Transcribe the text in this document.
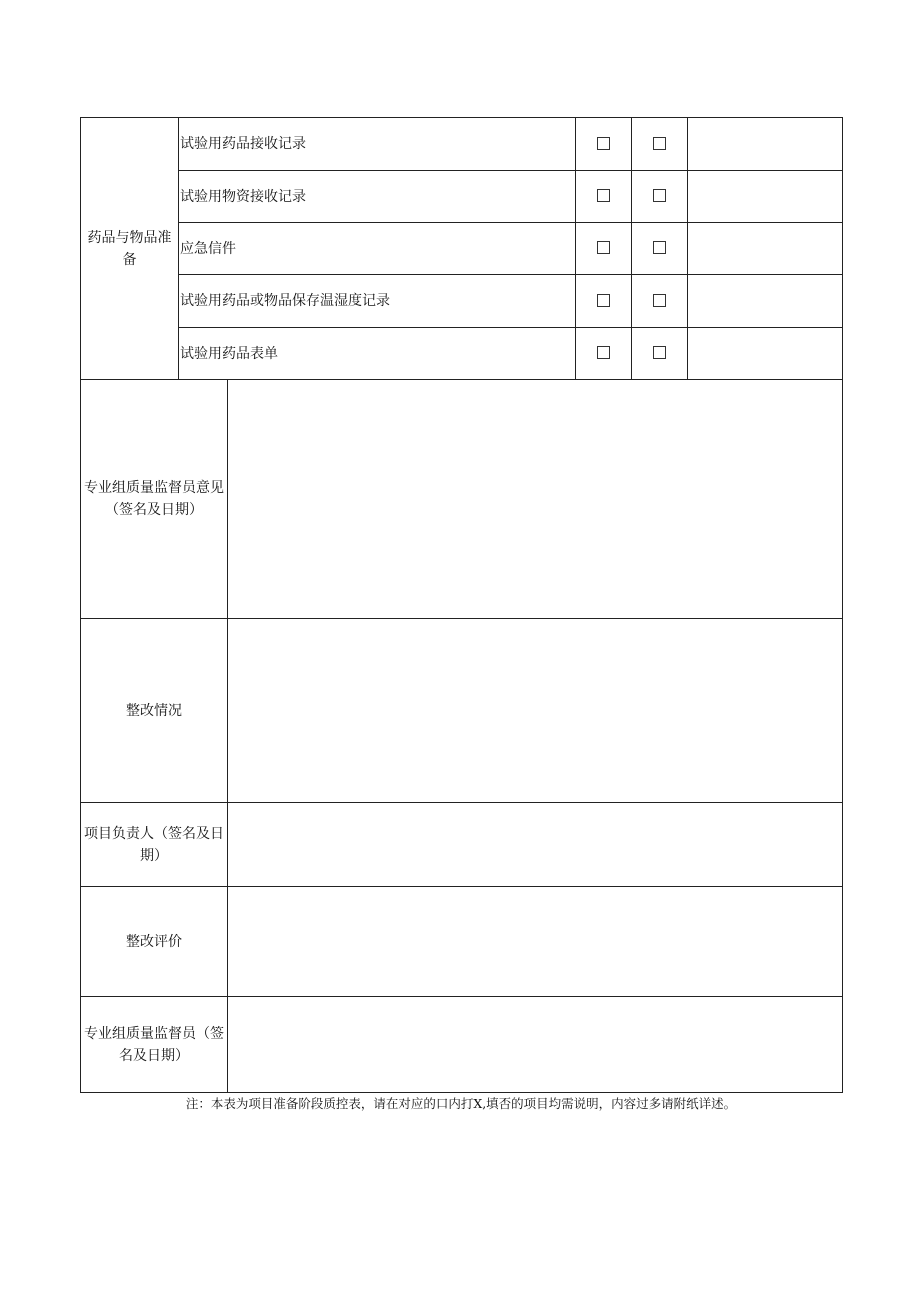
药品与物品准备	试验用药品接收记录				
	试验用物资接收记录				
	应急信件				
	试验用药品或物品保存温湿度记录				
	试验用药品表单				
专业组质量监督员意见（签名及日期）					
整改情况					
项目负责人（签名及日期）					
整改评价					
专业组质量监督员（签名及日期）					
注：本表为项目准备阶段质控表，请在对应的口内打X,填否的项目均需说明，内容过多请附纸详述。
